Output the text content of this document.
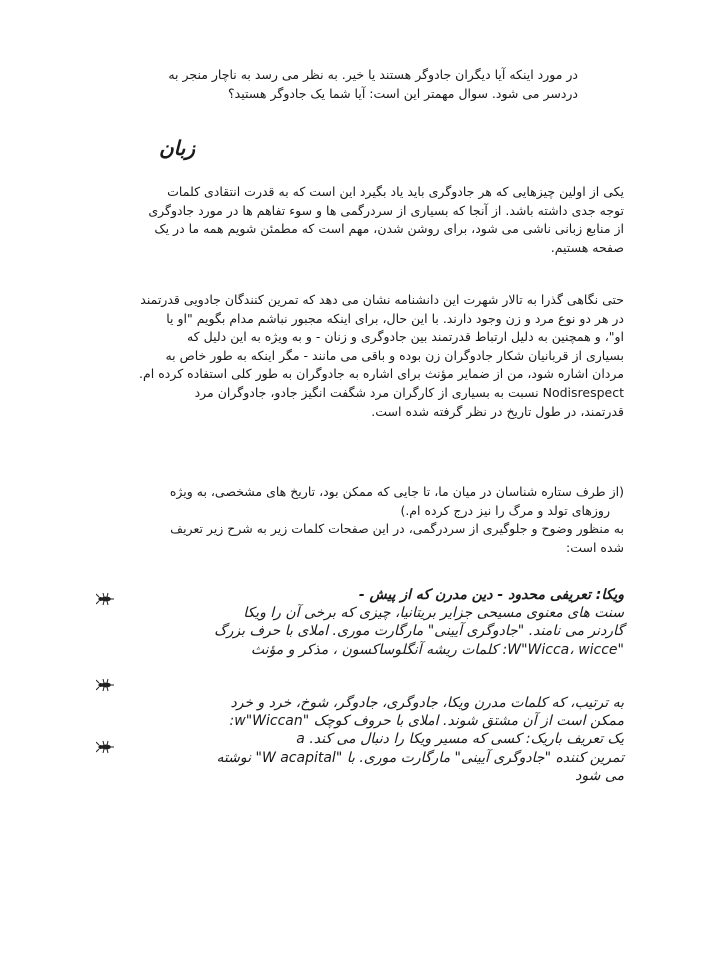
در مورد اینکه آیا دیگران جادوگر هستند یا خیر. به نظر می رسد به ناچار منجر به
دردسر می شود. سوال مهمتر این است: آیا شما یک جادوگر هستید؟
زبان
یکی از اولین چیزهایی که هر جادوگری باید یاد بگیرد این است که به قدرت انتقادی کلمات
توجه جدی داشته باشد. از آنجا که بسیاری از سردرگمی ها و سوء تفاهم ها در مورد جادوگری
از منابع زبانی ناشی می شود، برای روشن شدن، مهم است که مطمئن شویم همه ما در یک
صفحه هستیم.
حتی نگاهی گذرا به تالار شهرت این دانشنامه نشان می دهد که تمرین کنندگان جادویی قدرتمند
در هر دو نوع مرد و زن وجود دارند. با این حال، برای اینکه مجبور نباشم مدام بگویم "او یا
او"، و همچنین به دلیل ارتباط قدرتمند بین جادوگری و زنان - و به ویژه به این دلیل که
بسیاری از قربانیان شکار جادوگران زن بوده و باقی می مانند - مگر اینکه به طور خاص به
مردان اشاره شود، من از ضمایر مؤنث برای اشاره به جادوگران به طور کلی استفاده کرده ام.
Nodisrespect نسبت به بسیاری از کارگران مرد شگفت انگیز جادو، جادوگران مرد
قدرتمند، در طول تاریخ در نظر گرفته شده است.
(از طرف ستاره شناسان در میان ما، تا جایی که ممکن بود، تاریخ های مشخصی، به ویژه
روزهای تولد و مرگ را نیز درج کرده ام.)
به منظور وضوح و جلوگیری از سردرگمی، در این صفحات کلمات زیر به شرح زیر تعریف
شده است:
ویکا: تعریفی محدود - دین مدرن که از پیش -
سنت های معنوی مسیحی جزایر بریتانیا، چیزی که برخی آن را ویکا
گاردنر می نامند. "جادوگری آیینی" مارگارت موری. املای با حرف بزرگ
"W"Wicca، wicce: کلمات ریشه آنگلوساکسون ، مذکر و مؤنث
به ترتیب، که کلمات مدرن ویکا، جادوگری، جادوگر، شوخ، خرد و خرد
ممکن است از آن مشتق شوند. املای با حروف کوچک "w"Wiccan:
یک تعریف باریک: کسی که مسیر ویکا را دنبال می کند. a
تمرین کننده "جادوگری آیینی" مارگارت موری. با "W acapital" نوشته
می شود
